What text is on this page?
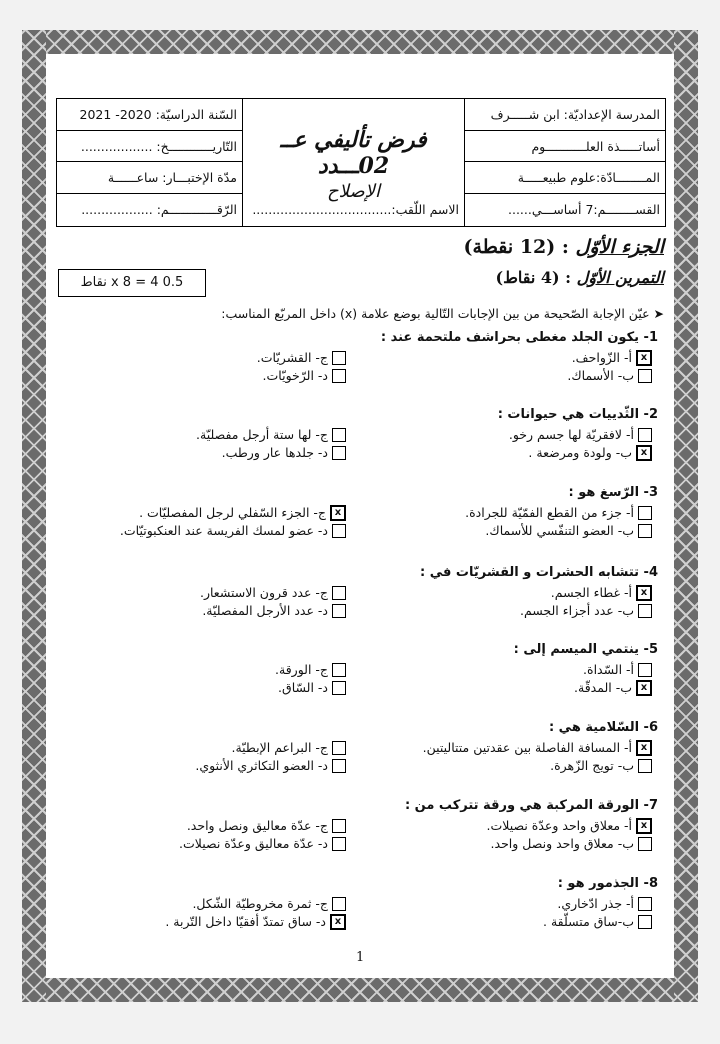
المدرسة الإعداديّة: ابن شـــــرف
أساتـــــذة العلـــــــــــوم
المــــــــادّة:علوم طبيعـــــة
القســــــــم:7 أساســـي......
فرض تأليفي عــ 02ـــدد
الإصلاح
الاسم اللّقب:...................................
السّنة الدراسيّة: 2020- 2021
التّاريــــــــــــخ: ..................
مدّة الإختبـــار: ساعــــــة
الرّقـــــــــــــم: ..................
الجزء الأوّل : (12 نقطة)
التمرين الأوّل : (4 نقاط)
0.5 x 8 = 4 نقاط
➤ عيّن الإجابة الصّحيحة من بين الإجابات التّالية بوضع علامة (x) داخل المربّع المناسب:
1- يكون الجلد مغطى بحراشف ملتحمة عند :
x
أ- الزّواحف.
ب- الأسماك.
ج- القشريّات.
د- الرّخويّات.
2- الثّدييات هي حيوانات :
أ- لافقريّة لها جسم رخو.
x
ب- ولودة ومرضعة .
ج- لها ستة أرجل مفصليّة.
د- جلدها عار ورطب.
3- الرّسغ هو :
أ- جزء من القطع الفمّيّة للجرادة.
ب- العضو التنفّسي للأسماك.
x
ج- الجزء السّفلي لرجل المفصليّات .
د- عضو لمسك الفريسة عند العنكبوتيّات.
4- تتشابه الحشرات و القشريّات في :
x
أ- غطاء الجسم.
ب- عدد أجزاء الجسم.
ج- عدد قرون الاستشعار.
د- عدد الأرجل المفصليّة.
5- ينتمي الميسم إلى :
أ- السّداة.
x
ب- المدقّة.
ج- الورقة.
د- السّاق.
6- السّلامية هي :
x
أ- المسافة الفاصلة بين عقدتين متتاليتين.
ب- تويج الزّهرة.
ج- البراعم الإبطيّة.
د- العضو التكاثري الأنثوي.
7- الورقة المركبة هي ورقة تتركب من :
x
أ- معلاق واحد وعدّة نصيلات.
ب- معلاق واحد ونصل واحد.
ج- عدّة معاليق ونصل واحد.
د- عدّة معاليق وعدّة نصيلات.
8- الجذمور هو :
أ- جذر ادّخاري.
ب-ساق متسلّقة .
ج- ثمرة مخروطيّة الشّكل.
x
د- ساق تمتدّ أفقيّا داخل التّربة .
1
